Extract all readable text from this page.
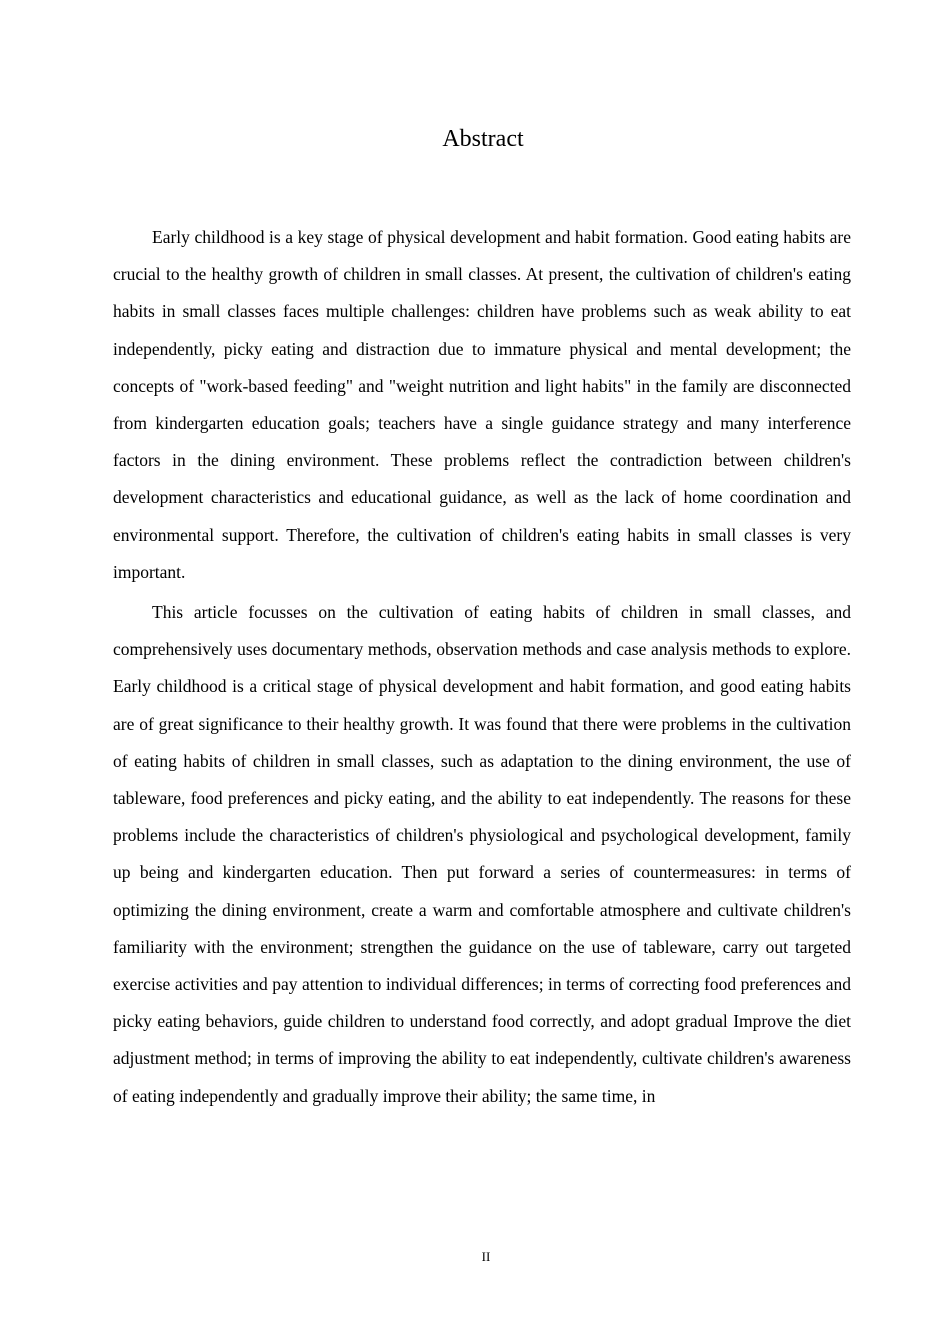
Abstract

Early childhood is a key stage of physical development and habit formation. Good eating habits are crucial to the healthy growth of children in small classes. At present, the cultivation of children's eating habits in small classes faces multiple challenges: children have problems such as weak ability to eat independently, picky eating and distraction due to immature physical and mental development; the concepts of "work-based feeding" and "weight nutrition and light habits" in the family are disconnected from kindergarten education goals; teachers have a single guidance strategy and many interference factors in the dining environment. These problems reflect the contradiction between children's development characteristics and educational guidance, as well as the lack of home coordination and environmental support. Therefore, the cultivation of children's eating habits in small classes is very important.

This article focusses on the cultivation of eating habits of children in small classes, and comprehensively uses documentary methods, observation methods and case analysis methods to explore. Early childhood is a critical stage of physical development and habit formation, and good eating habits are of great significance to their healthy growth. It was found that there were problems in the cultivation of eating habits of children in small classes, such as adaptation to the dining environment, the use of tableware, food preferences and picky eating, and the ability to eat independently. The reasons for these problems include the characteristics of children's physiological and psychological development, family up being and kindergarten education. Then put forward a series of countermeasures: in terms of optimizing the dining environment, create a warm and comfortable atmosphere and cultivate children's familiarity with the environment; strengthen the guidance on the use of tableware, carry out targeted exercise activities and pay attention to individual differences; in terms of correcting food preferences and picky eating behaviors, guide children to understand food correctly, and adopt gradual Improve the diet adjustment method; in terms of improving the ability to eat independently, cultivate children's awareness of eating independently and gradually improve their ability; the same time, in

II
